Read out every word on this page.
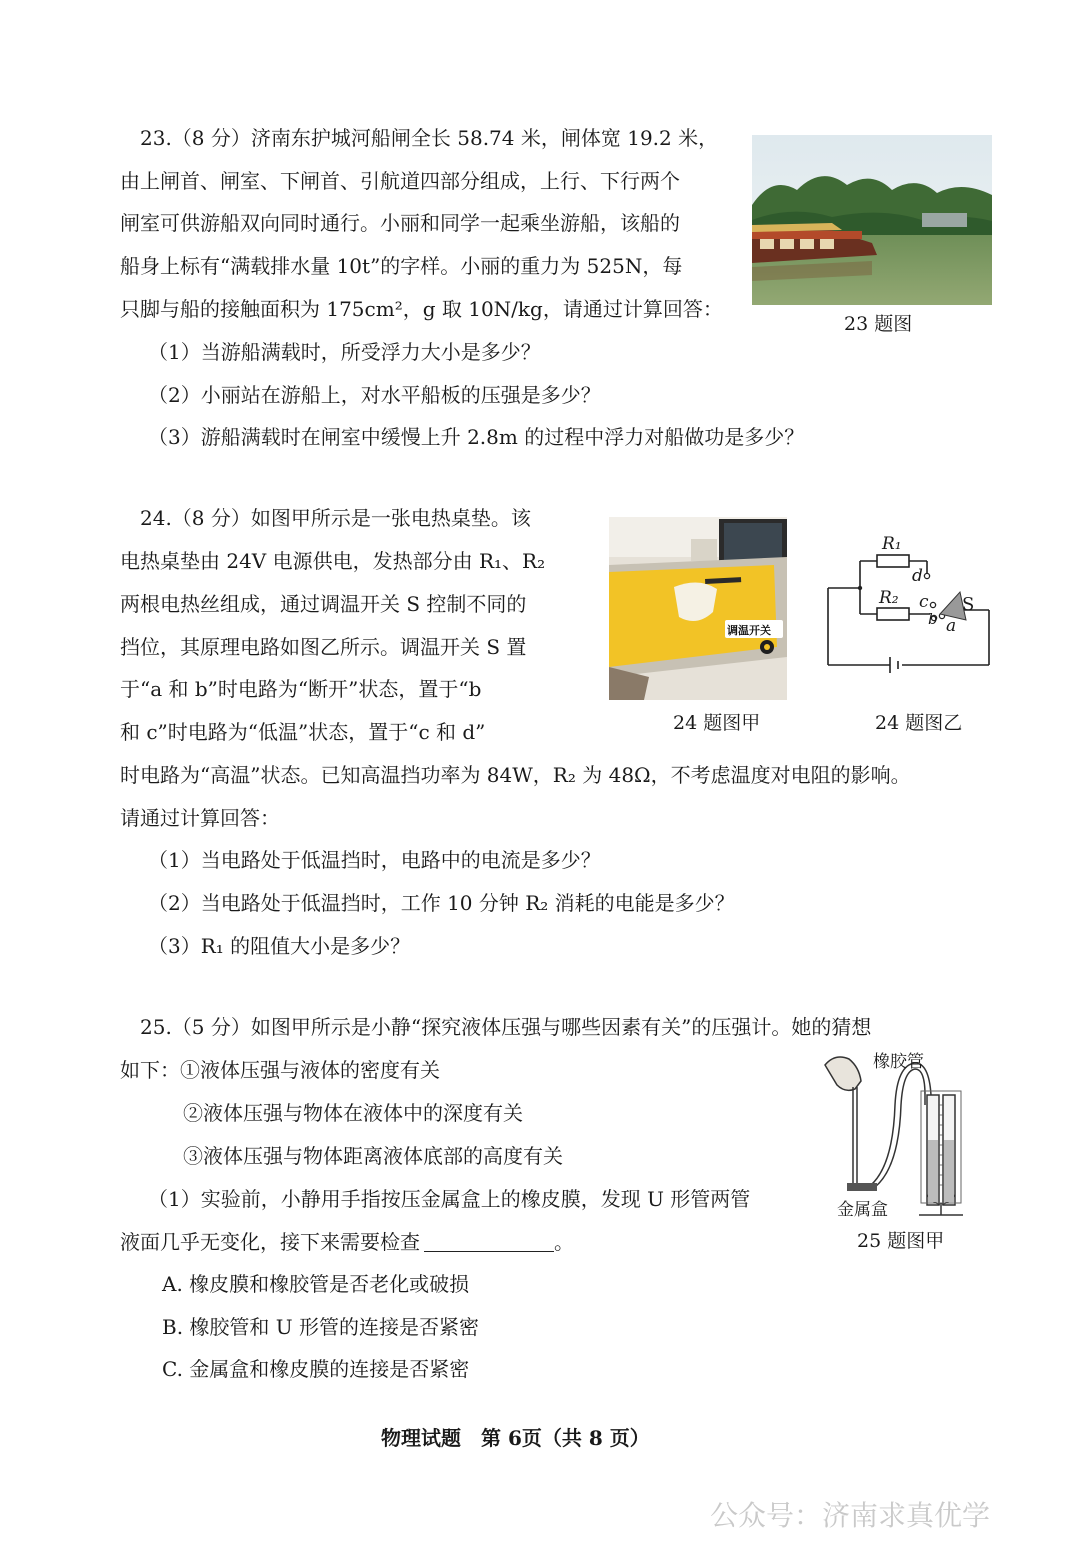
23.（8 分）济南东护城河船闸全长 58.74 米，闸体宽 19.2 米，
由上闸首、闸室、下闸首、引航道四部分组成，上行、下行两个
闸室可供游船双向同时通行。小丽和同学一起乘坐游船，该船的
船身上标有“满载排水量 10t”的字样。小丽的重力为 525N，每
只脚与船的接触面积为 175cm²，g 取 10N/kg，请通过计算回答：
（1）当游船满载时，所受浮力大小是多少？
（2）小丽站在游船上，对水平船板的压强是多少？
（3）游船满载时在闸室中缓慢上升 2.8m 的过程中浮力对船做功是多少？
23 题图
24.（8 分）如图甲所示是一张电热桌垫。该
电热桌垫由 24V 电源供电，发热部分由 R₁、R₂
两根电热丝组成，通过调温开关 S 控制不同的
挡位，其原理电路如图乙所示。调温开关 S 置
于“a 和 b”时电路为“断开”状态，置于“b
和 c”时电路为“低温”状态，置于“c 和 d”
时电路为“高温”状态。已知高温挡功率为 84W，R₂ 为 48Ω，不考虑温度对电阻的影响。
请通过计算回答：
（1）当电路处于低温挡时，电路中的电流是多少？
（2）当电路处于低温挡时，工作 10 分钟 R₂ 消耗的电能是多少？
（3）R₁ 的阻值大小是多少？
调温开关
24 题图甲
R₁
R₂
d
c
b a
S
24 题图乙
25.（5 分）如图甲所示是小静“探究液体压强与哪些因素有关”的压强计。她的猜想
如下：①液体压强与液体的密度有关
②液体压强与物体在液体中的深度有关
③液体压强与物体距离液体底部的高度有关
（1）实验前，小静用手指按压金属盒上的橡皮膜，发现 U 形管两管
液面几乎无变化，接下来需要检查	。
A. 橡皮膜和橡胶管是否老化或破损
B. 橡胶管和 U 形管的连接是否紧密
C. 金属盒和橡皮膜的连接是否紧密
橡胶管
金属盒
25 题图甲
物理试题　第 6页（共 8 页）
公众号：济南求真优学
